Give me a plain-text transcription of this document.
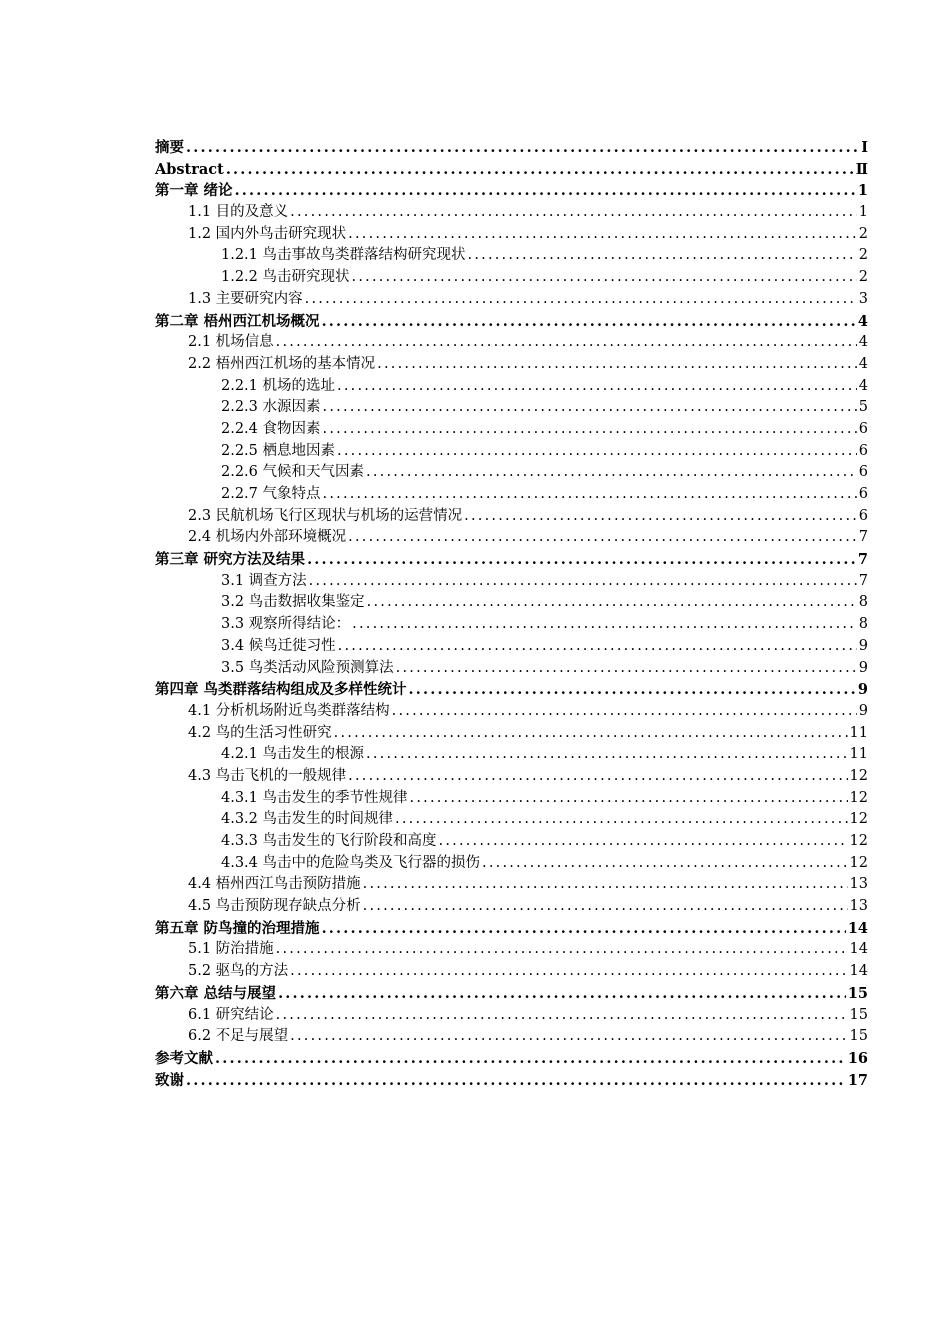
摘要 .....	Ⅰ
Abstract .....	Ⅱ
第一章 绪论 .....	1
1.1 目的及意义 .....	1
1.2 国内外鸟击研究现状 .....	2
1.2.1 鸟击事故鸟类群落结构研究现状 .....	2
1.2.2 鸟击研究现状 .....	2
1.3 主要研究内容 .....	3
第二章 梧州西江机场概况 .....	4
2.1 机场信息 .....	4
2.2 梧州西江机场的基本情况 .....	4
2.2.1 机场的选址 .....	4
2.2.3 水源因素 .....	5
2.2.4 食物因素 .....	6
2.2.5 栖息地因素 .....	6
2.2.6 气候和天气因素 .....	6
2.2.7 气象特点 .....	6
2.3 民航机场飞行区现状与机场的运营情况 .....	6
2.4 机场内外部环境概况 .....	7
第三章 研究方法及结果 .....	7
3.1 调查方法 .....	7
3.2 鸟击数据收集鉴定 .....	8
3.3 观察所得结论： .....	8
3.4 候鸟迁徙习性 .....	9
3.5 鸟类活动风险预测算法 .....	9
第四章 鸟类群落结构组成及多样性统计 .....	9
4.1 分析机场附近鸟类群落结构 .....	9
4.2 鸟的生活习性研究 .....	11
4.2.1 鸟击发生的根源 .....	11
4.3 鸟击飞机的一般规律 .....	12
4.3.1 鸟击发生的季节性规律 .....	12
4.3.2 鸟击发生的时间规律 .....	12
4.3.3 鸟击发生的飞行阶段和高度 .....	12
4.3.4 鸟击中的危险鸟类及飞行器的损伤 .....	12
4.4 梧州西江鸟击预防措施 .....	13
4.5 鸟击预防现存缺点分析 .....	13
第五章 防鸟撞的治理措施 .....	14
5.1 防治措施 .....	14
5.2 驱鸟的方法 .....	14
第六章 总结与展望 .....	15
6.1 研究结论 .....	15
6.2 不足与展望 .....	15
参考文献 .....	16
致谢 .....	17
